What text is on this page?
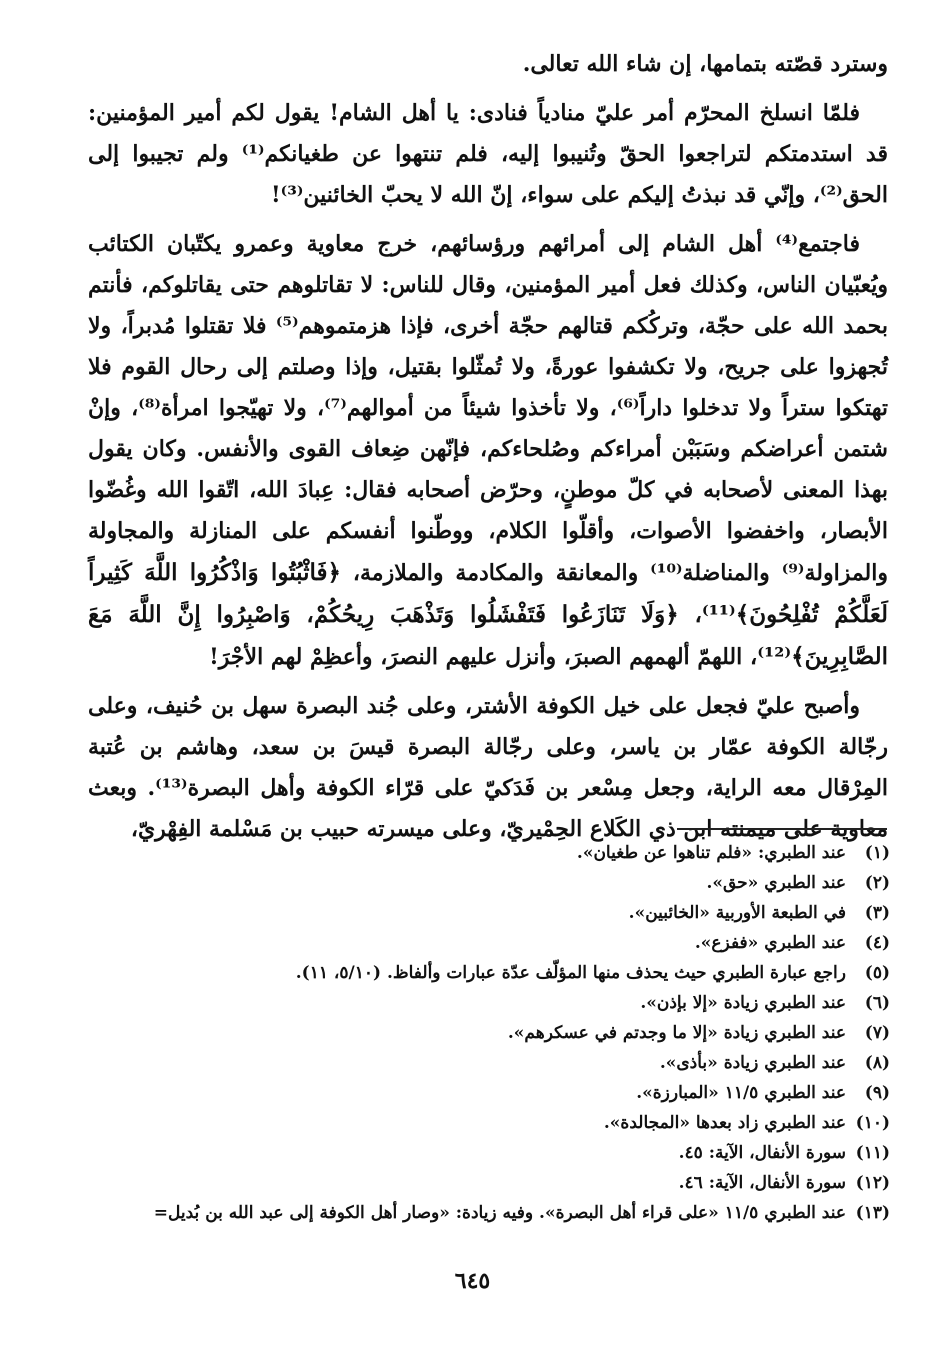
وسترد قصّته بتمامها، إن شاء الله تعالى.

فلمّا انسلخ المحرّم أمر عليّ منادياً فنادى: يا أهل الشام! يقول لكم أمير المؤمنين: قد استدمتكم لتراجعوا الحقّ وتُنيبوا إليه، فلم تنتهوا عن طغيانكم⁽¹⁾ ولم تجيبوا إلى الحق⁽²⁾، وإنّي قد نبذتُ إليكم على سواء، إنّ الله لا يحبّ الخائنين⁽³⁾!

فاجتمع⁽⁴⁾ أهل الشام إلى أمرائهم ورؤسائهم، خرج معاوية وعمرو يكتّبان الكتائب ويُعبّيان الناس، وكذلك فعل أمير المؤمنين، وقال للناس: لا تقاتلوهم حتى يقاتلوكم، فأنتم بحمد الله على حجّة، وتركُكم قتالهم حجّة أخرى، فإذا هزمتموهم⁽⁵⁾ فلا تقتلوا مُدبراً، ولا تُجهزوا على جريح، ولا تكشفوا عورةً، ولا تُمثّلوا بقتيل، وإذا وصلتم إلى رحال القوم فلا تهتكوا ستراً ولا تدخلوا داراً⁽⁶⁾، ولا تأخذوا شيئاً من أموالهم⁽⁷⁾، ولا تهيّجوا امرأة⁽⁸⁾، وإنْ شتمن أعراضكم وسَبَبْن أمراءكم وصُلحاءكم، فإنّهن ضِعاف القوى والأنفس. وكان يقول بهذا المعنى لأصحابه في كلّ موطنٍ، وحرّض أصحابه فقال: عِبادَ الله، اتّقوا الله وغُضّوا الأبصار، واخفضوا الأصوات، وأقلّوا الكلام، ووطّنوا أنفسكم على المنازلة والمجاولة والمزاولة⁽⁹⁾ والمناضلة⁽¹⁰⁾ والمعانقة والمكادمة والملازمة، ﴿فَاثْبُتُوا وَاذْكُرُوا اللَّهَ كَثِيراً لَعَلَّكُمْ تُفْلِحُونَ﴾⁽¹¹⁾، ﴿وَلَا تَنَازَعُوا فَتَفْشَلُوا وَتَذْهَبَ رِيحُكُمْ، وَاصْبِرُوا إِنَّ اللَّهَ مَعَ الصَّابِرِينَ﴾⁽¹²⁾، اللهمّ ألهمهم الصبرَ، وأنزل عليهم النصرَ، وأعظِمْ لهم الأجْرَ!

وأصبح عليّ فجعل على خيل الكوفة الأشتر، وعلى جُند البصرة سهل بن حُنيف، وعلى رجّالة الكوفة عمّار بن ياسر، وعلى رجّالة البصرة قيسَ بن سعد، وهاشم بن عُتبة المِرْقال معه الراية، وجعل مِسْعر بن فَدَكيّ على قرّاء الكوفة وأهل البصرة⁽¹³⁾. وبعث معاوية على ميمنته ابن ذي الكَلاع الحِمْيريّ، وعلى ميسرته حبيب بن مَسْلمة الفِهْريّ،

(١)
عند الطبري: «فلم تناهوا عن طغيان».
(٢)
عند الطبري «حق».
(٣)
في الطبعة الأوربية «الخائبين».
(٤)
عند الطبري «ففزع».
(٥)
راجع عبارة الطبري حيث يحذف منها المؤلّف عدّة عبارات وألفاظ. (٥/١٠، ١١).
(٦)
عند الطبري زيادة «إلا بإذن».
(٧)
عند الطبري زيادة «إلا ما وجدتم في عسكرهم».
(٨)
عند الطبري زيادة «بأذى».
(٩)
عند الطبري ١١/٥ «المبارزة».
(١٠)
عند الطبري زاد بعدها «المجالدة».
(١١)
سورة الأنفال، الآية: ٤٥.
(١٢)
سورة الأنفال، الآية: ٤٦.
(١٣)
عند الطبري ١١/٥ «على قراء أهل البصرة». وفيه زيادة: «وصار أهل الكوفة إلى عبد الله بن بُديل=
٦٤٥
